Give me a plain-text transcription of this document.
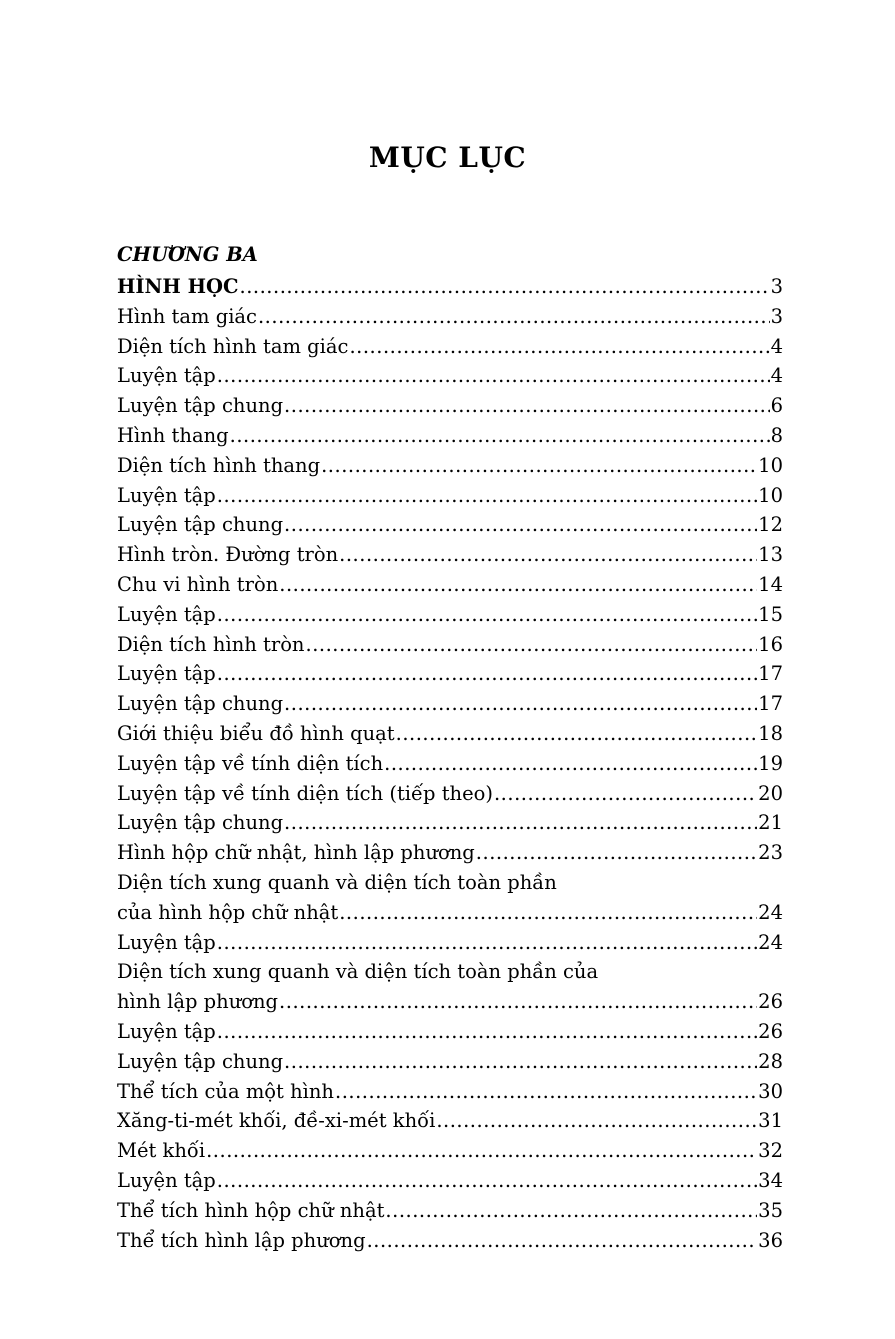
MỤC LỤC
CHƯƠNG BA
HÌNH HỌC .....	3
Hình tam giác .....	3
Diện tích hình tam giác .....	4
Luyện tập .....	4
Luyện tập chung .....	6
Hình thang .....	8
Diện tích hình thang .....	10
Luyện tập .....	10
Luyện tập chung .....	12
Hình tròn. Đường tròn .....	13
Chu vi hình tròn .....	14
Luyện tập .....	15
Diện tích hình tròn .....	16
Luyện tập .....	17
Luyện tập chung .....	17
Giới thiệu biểu đồ hình quạt .....	18
Luyện tập về tính diện tích .....	19
Luyện tập về tính diện tích (tiếp theo) .....	20
Luyện tập chung .....	21
Hình hộp chữ nhật, hình lập phương .....	23
Diện tích xung quanh và diện tích toàn phần
của hình hộp chữ nhật .....	24
Luyện tập .....	24
Diện tích xung quanh và diện tích toàn phần của
hình lập phương .....	26
Luyện tập .....	26
Luyện tập chung .....	28
Thể tích của một hình .....	30
Xăng-ti-mét khối, đề-xi-mét khối .....	31
Mét khối .....	32
Luyện tập .....	34
Thể tích hình hộp chữ nhật .....	35
Thể tích hình lập phương .....	36
